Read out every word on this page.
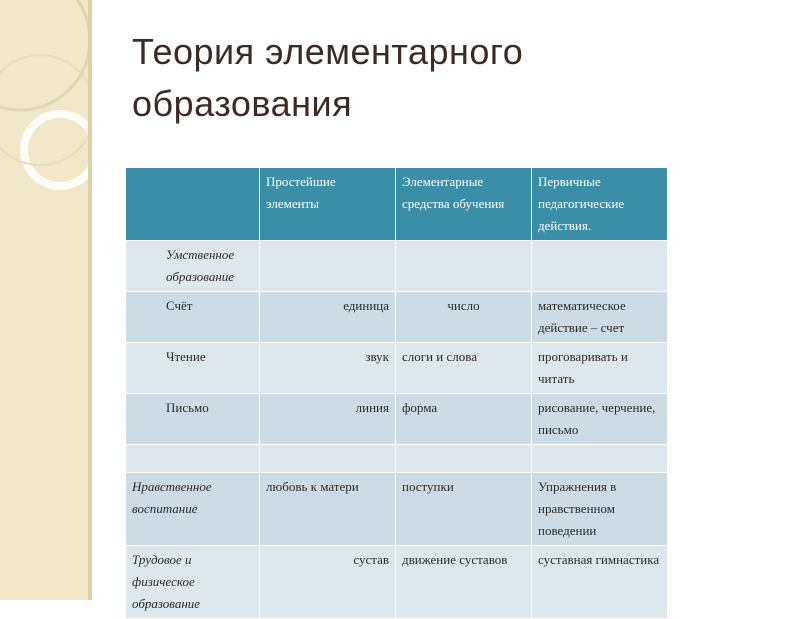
Теория элементарного
образования
	Простейшие элементы	Элементарные средства обучения	Первичные педагогические действия.
Умственное образование			
Счёт	единица	число	математическое действие – счет
Чтение	звук	слоги и слова	проговаривать и читать
Письмо	линия	форма	рисование, черчение, письмо

Нравственное воспитание	любовь к матери	поступки	Упражнения в нравственном поведении
Трудовое и физическое образование	сустав	движение суставов	суставная гимнастика
